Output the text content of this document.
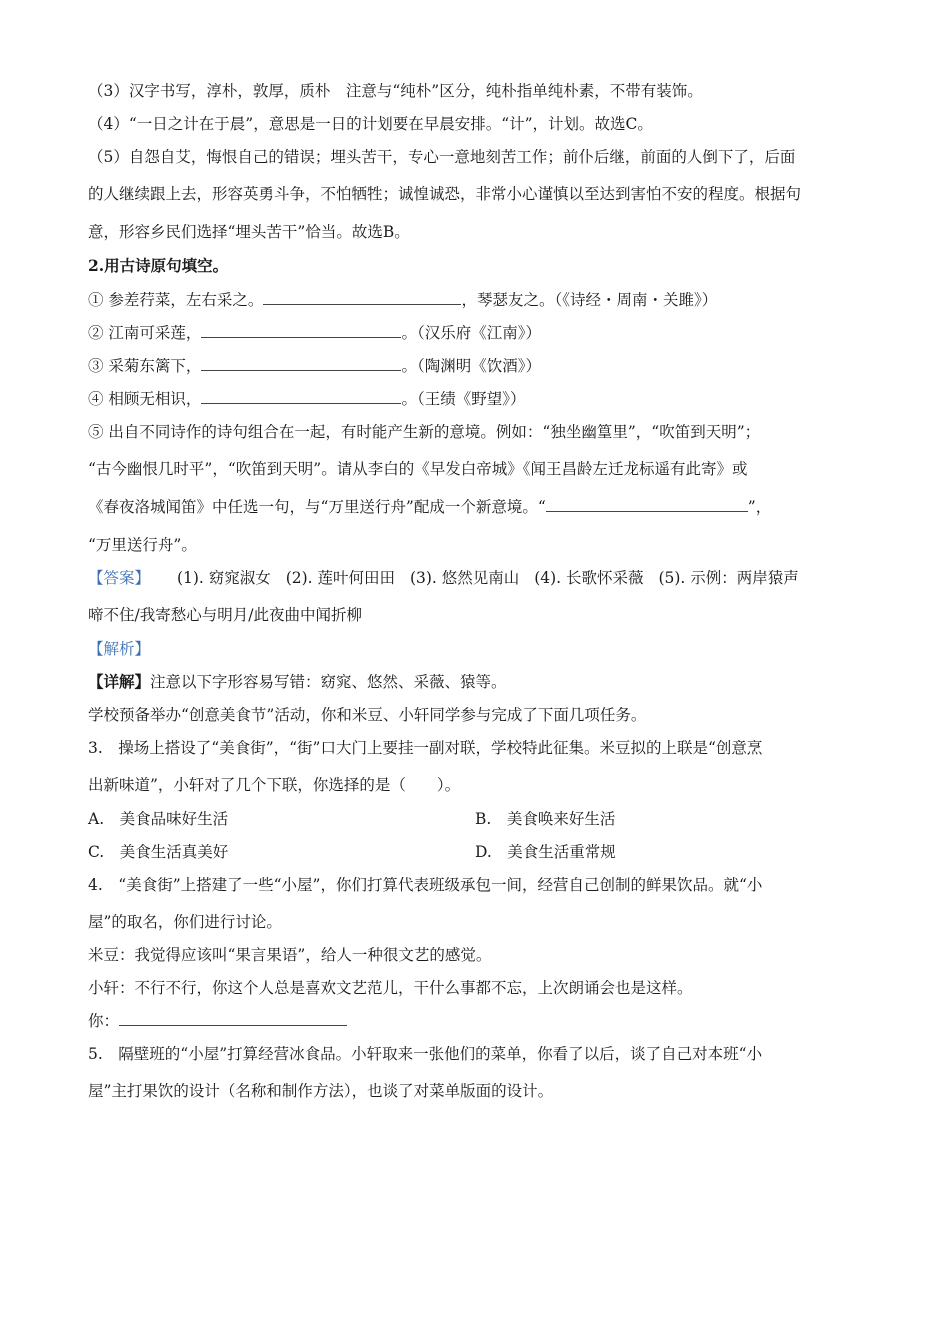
（3）汉字书写，淳朴，敦厚，质朴　注意与“纯朴”区分，纯朴指单纯朴素，不带有装饰。
（4）“一日之计在于晨”，意思是一日的计划要在早晨安排。“计”，计划。故选C。
（5）自怨自艾，悔恨自己的错误；埋头苦干，专心一意地刻苦工作；前仆后继，前面的人倒下了，后面
的人继续跟上去，形容英勇斗争，不怕牺牲；诚惶诚恐，非常小心谨慎以至达到害怕不安的程度。根据句
意，形容乡民们选择“埋头苦干”恰当。故选B。
2.用古诗原句填空。
① 参差荇菜，左右采之。	，琴瑟友之。（《诗经・周南・关雎》）
② 江南可采莲，	。（汉乐府《江南》）
③ 采菊东篱下，	。（陶渊明《饮酒》）
④ 相顾无相识，	。（王绩《野望》）
⑤ 出自不同诗作的诗句组合在一起，有时能产生新的意境。例如：“独坐幽篁里”，“吹笛到天明”；
“古今幽恨几时平”，“吹笛到天明”。请从李白的《早发白帝城》《闻王昌龄左迁龙标遥有此寄》或
《春夜洛城闻笛》中任选一句，与“万里送行舟”配成一个新意境。“	”，
“万里送行舟”。
【答案】 (1). 窈窕淑女 (2). 莲叶何田田 (3). 悠然见南山 (4). 长歌怀采薇 (5). 示例：两岸猿声
啼不住/我寄愁心与明月/此夜曲中闻折柳
【解析】
【详解】注意以下字形容易写错：窈窕、悠然、采薇、猿等。
学校预备举办“创意美食节”活动，你和米豆、小轩同学参与完成了下面几项任务。
3.　操场上搭设了“美食街”，“街”口大门上要挂一副对联，学校特此征集。米豆拟的上联是“创意烹
出新味道”，小轩对了几个下联，你选择的是（　　）。
A.　美食品味好生活	B.　美食唤来好生活
C.　美食生活真美好	D.　美食生活重常规
4.　“美食街”上搭建了一些“小屋”，你们打算代表班级承包一间，经营自己创制的鲜果饮品。就“小
屋”的取名，你们进行讨论。
米豆：我觉得应该叫“果言果语”，给人一种很文艺的感觉。
小轩：不行不行，你这个人总是喜欢文艺范儿，干什么事都不忘，上次朗诵会也是这样。
你：
5.　隔壁班的“小屋”打算经营冰食品。小轩取来一张他们的菜单，你看了以后，谈了自己对本班“小
屋”主打果饮的设计（名称和制作方法），也谈了对菜单版面的设计。
